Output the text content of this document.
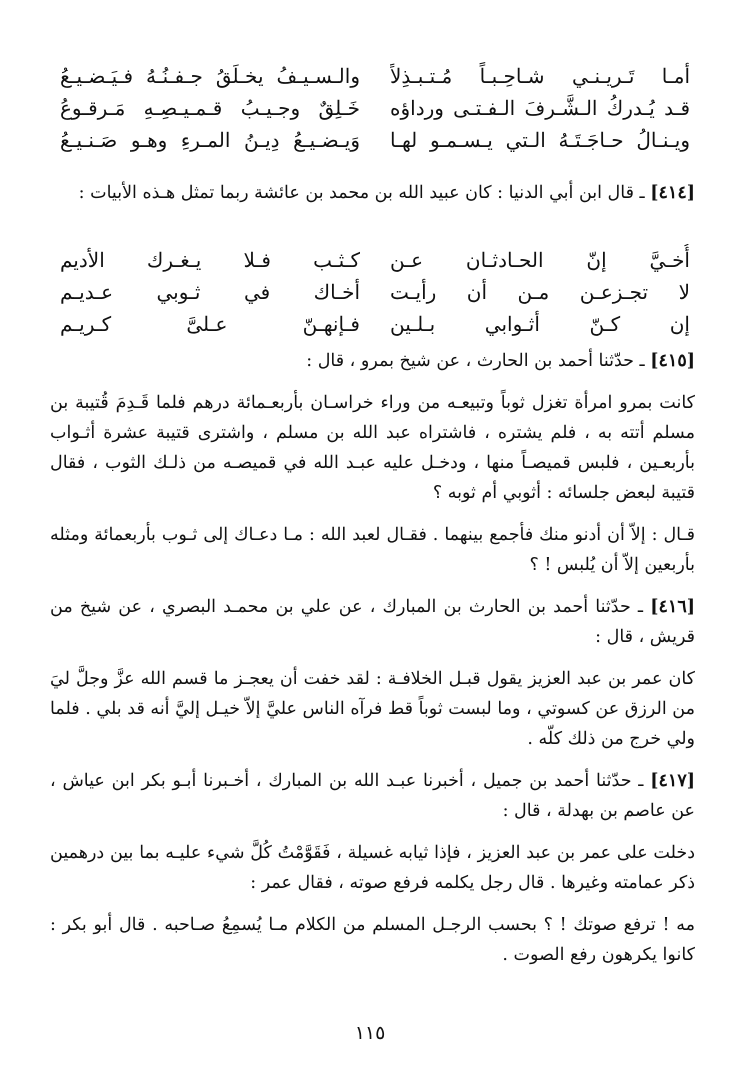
أمـا تَـريـنـي شـاحِـبـاً مُـتـبـذِلاً
والـسـيـفُ يخـلَقُ جـفـنُـهُ فـيَـضـيـعُ
قـد يُـدركُ الـشَّـرفَ الـفـتـى ورداؤه
خَـلِقٌ وجـيـبُ قـمـيـصِـهِ مَـرقـوعُ
ويـنـالُ حـاجَـتَـهُ الـتي يـسـمـو لهـا
وَيـضـيـعُ دِيـنُ المـرءِ وهـو صَـنـيـعُ

[٤١٤] ـ قال ابن أبي الدنيا : كان عبيد الله بن محمد بن عائشة ربما تمثل هـذه الأبيات :

أُخـيَّ إنّ الحـادثـان عـن
كـثـب فـلا يـغـرك الأديم
لا تجـزعـن مـن أن رأيـت
أخـاك في ثـوبي عـديـم
إن كـنّ أثـوابي بـلـين
فـإنهـنّ عـلىَّ كـريـم

[٤١٥] ـ حدّثنا أحمد بن الحارث ، عن شيخ بمرو ، قال :

كانت بمرو امرأة تغزل ثوباً وتبيعـه من وراء خراسـان بأربعـمائة درهم فلما قَـدِمَ قُتيبة بن مسلم أتته به ، فلم يشتره ، فاشتراه عبد الله بن مسلم ، واشترى قتيبة عشرة أثـواب بأربعـين ، فلبس قميصـاً منها ، ودخـل عليه عبـد الله في قميصـه من ذلـك الثوب ، فقال قتيبة لبعض جلسائه : أثوبي أم ثوبه ؟

قـال : إلاّ أن أدنو منك فأجمع بينهما . فقـال لعبد الله : مـا دعـاك إلى ثـوب بأربعمائة ومثله بأربعين إلاّ أن يُلبس ! ؟

[٤١٦] ـ حدّثنا أحمد بن الحارث بن المبارك ، عن علي بن محمـد البصري ، عن شيخ من قريش ، قال :

كان عمر بن عبد العزيز يقول قبـل الخلافـة : لقد خفت أن يعجـز ما قسم الله عزَّ وجلَّ ليَ من الرزق عن كسوتي ، وما لبست ثوباً قط فرآه الناس عليَّ إلاّ خيـل إليَّ أنه قد بلي . فلما ولي خرج من ذلك كلّه .

[٤١٧] ـ حدّثنا أحمد بن جميل ، أخبرنا عبـد الله بن المبارك ، أخـبرنا أبـو بكر ابن عياش ، عن عاصم بن بهدلة ، قال :

دخلت على عمر بن عبد العزيز ، فإذا ثيابه غسيلة ، فَقَوَّمْتُ كُلَّ شيء عليـه بما بين درهمين ذكر عمامته وغيرها . قال رجل يكلمه فرفع صوته ، فقال عمر :

مه ! ترفع صوتك ! ؟ بحسب الرجـل المسلم من الكلام مـا يُسمِعُ صـاحبه . قال أبو بكر : كانوا يكرهون رفع الصوت .

١١٥
